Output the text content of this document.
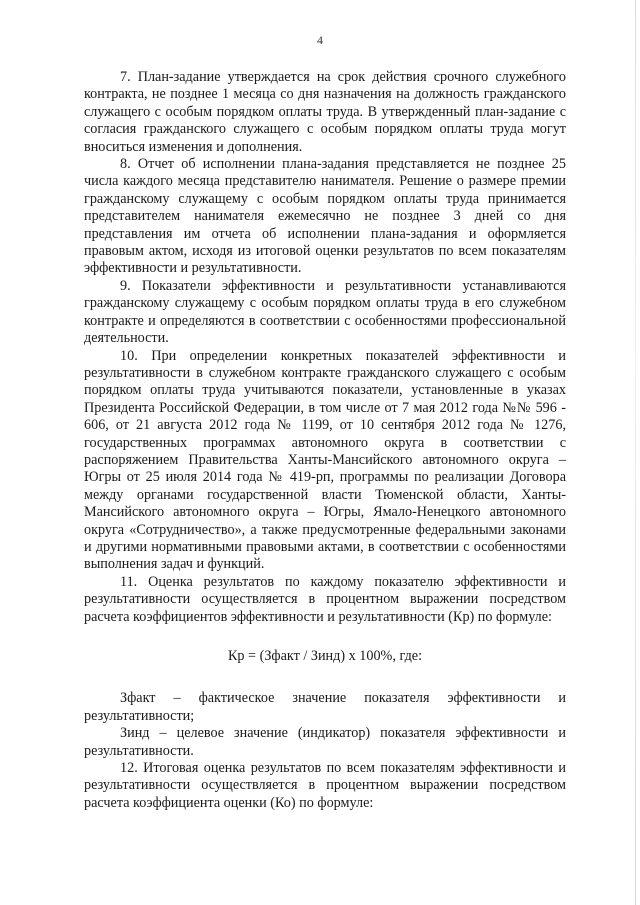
4

7. План-задание утверждается на срок действия срочного служебного контракта, не позднее 1 месяца со дня назначения на должность гражданского служащего с особым порядком оплаты труда. В утвержденный план-задание с согласия гражданского служащего с особым порядком оплаты труда могут вноситься изменения и дополнения.

8. Отчет об исполнении плана-задания представляется не позднее 25 числа каждого месяца представителю нанимателя. Решение о размере премии гражданскому служащему с особым порядком оплаты труда принимается представителем нанимателя ежемесячно не позднее 3 дней со дня представления им отчета об исполнении плана-задания и оформляется правовым актом, исходя из итоговой оценки результатов по всем показателям эффективности и результативности.

9. Показатели эффективности и результативности устанавливаются гражданскому служащему с особым порядком оплаты труда в его служебном контракте и определяются в соответствии с особенностями профессиональной деятельности.

10. При определении конкретных показателей эффективности и результативности в служебном контракте гражданского служащего с особым порядком оплаты труда учитываются показатели, установленные в указах Президента Российской Федерации, в том числе от 7 мая 2012 года №№ 596 - 606, от 21 августа 2012 года № 1199, от 10 сентября 2012 года № 1276, государственных программах автономного округа в соответствии с распоряжением Правительства Ханты-Мансийского автономного округа – Югры от 25 июля 2014 года № 419-рп, программы по реализации Договора между органами государственной власти Тюменской области, Ханты-Мансийского автономного округа – Югры, Ямало-Ненецкого автономного округа «Сотрудничество», а также предусмотренные федеральными законами и другими нормативными правовыми актами, в соответствии с особенностями выполнения задач и функций.

11. Оценка результатов по каждому показателю эффективности и результативности осуществляется в процентном выражении посредством расчета коэффициентов эффективности и результативности (Кр) по формуле:

Кр = (Зфакт / Зинд) х 100%, где:

Зфакт – фактическое значение показателя эффективности и результативности;

Зинд – целевое значение (индикатор) показателя эффективности и результативности.

12. Итоговая оценка результатов по всем показателям эффективности и результативности осуществляется в процентном выражении посредством расчета коэффициента оценки (Ко) по формуле:
